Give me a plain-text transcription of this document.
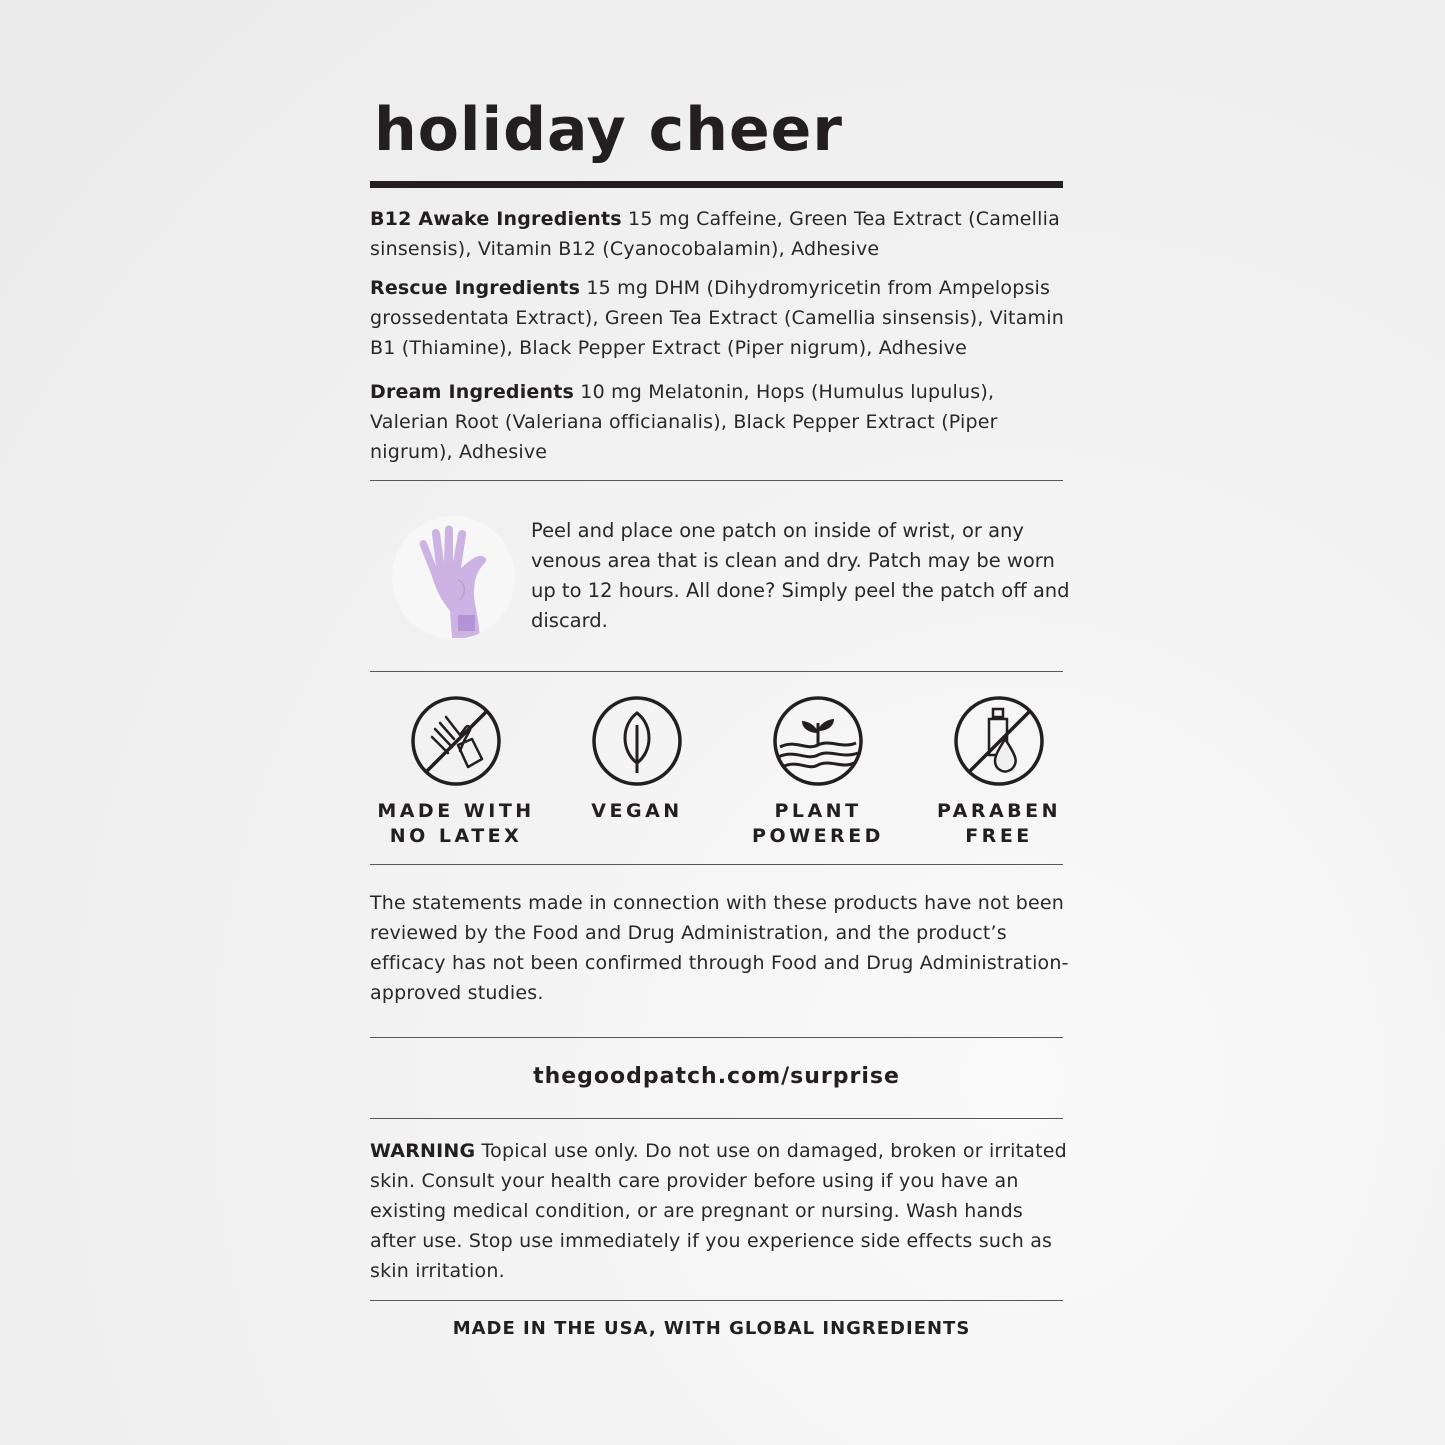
holiday cheer

B12 Awake Ingredients 15 mg Caffeine, Green Tea Extract (Camellia sinsensis), Vitamin B12 (Cyanocobalamin), Adhesive

Rescue Ingredients 15 mg DHM (Dihydromyricetin from Ampelopsis grossedentata Extract), Green Tea Extract (Camellia sinsensis), Vitamin B1 (Thiamine), Black Pepper Extract (Piper nigrum), Adhesive

Dream Ingredients 10 mg Melatonin, Hops (Humulus lupulus), Valerian Root (Valeriana officianalis), Black Pepper Extract (Piper nigrum), Adhesive

Peel and place one patch on inside of wrist, or any venous area that is clean and dry. Patch may be worn up to 12 hours. All done? Simply peel the patch off and discard.

MADE WITH
NO LATEX
VEGAN	PLANT
POWERED
PARABEN
FREE

The statements made in connection with these products have not been reviewed by the Food and Drug Administration, and the product’s efficacy has not been confirmed through Food and Drug Administration-approved studies.

thegoodpatch.com/surprise

WARNING Topical use only. Do not use on damaged, broken or irritated skin. Consult your health care provider before using if you have an existing medical condition, or are pregnant or nursing. Wash hands after use. Stop use immediately if you experience side effects such as skin irritation.

MADE IN THE USA, WITH GLOBAL INGREDIENTS
